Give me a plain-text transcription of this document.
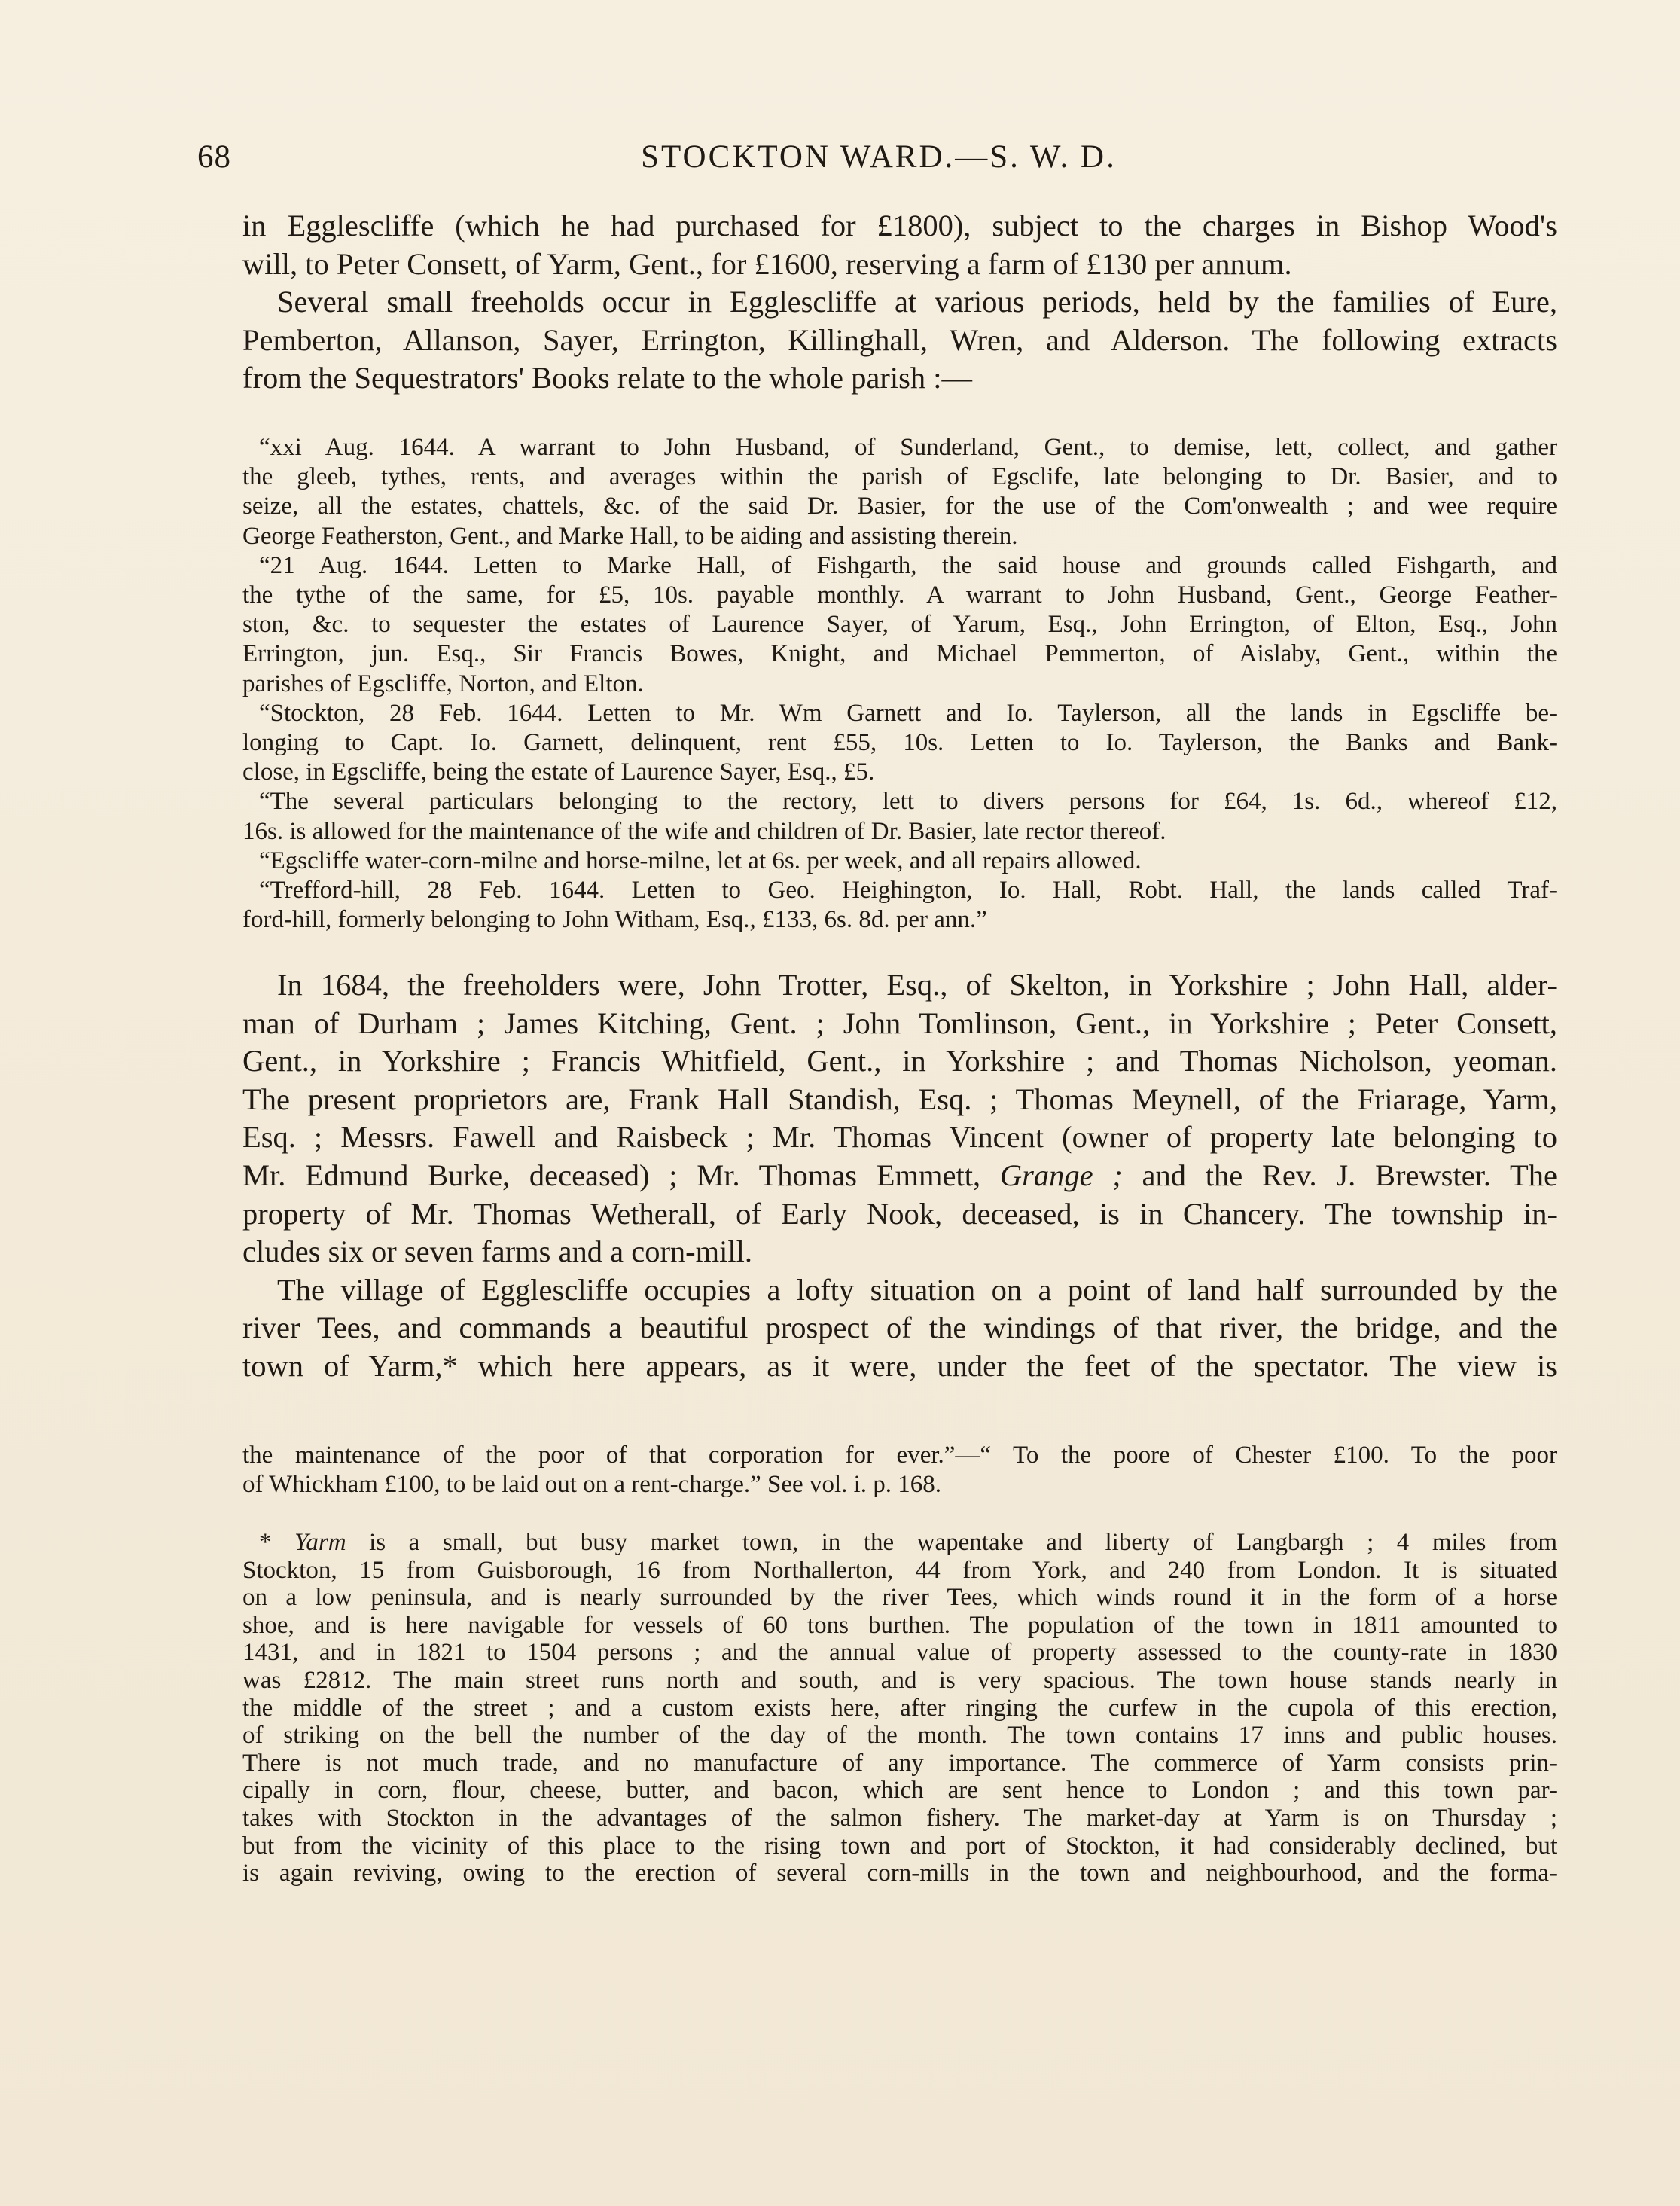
68	STOCKTON WARD.—S. W. D.
in Egglescliffe (which he had purchased for £1800), subject to the charges in Bishop Wood's
will, to Peter Consett, of Yarm, Gent., for £1600, reserving a farm of £130 per annum.
Several small freeholds occur in Egglescliffe at various periods, held by the families of Eure,
Pemberton, Allanson, Sayer, Errington, Killinghall, Wren, and Alderson. The following extracts
from the Sequestrators' Books relate to the whole parish :—
“xxi Aug. 1644. A warrant to John Husband, of Sunderland, Gent., to demise, lett, collect, and gather
the gleeb, tythes, rents, and averages within the parish of Egsclife, late belonging to Dr. Basier, and to
seize, all the estates, chattels, &c. of the said Dr. Basier, for the use of the Com'onwealth ; and wee require
George Featherston, Gent., and Marke Hall, to be aiding and assisting therein.
“21 Aug. 1644. Letten to Marke Hall, of Fishgarth, the said house and grounds called Fishgarth, and
the tythe of the same, for £5, 10s. payable monthly. A warrant to John Husband, Gent., George Feather-
ston, &c. to sequester the estates of Laurence Sayer, of Yarum, Esq., John Errington, of Elton, Esq., John
Errington, jun. Esq., Sir Francis Bowes, Knight, and Michael Pemmerton, of Aislaby, Gent., within the
parishes of Egscliffe, Norton, and Elton.
“Stockton, 28 Feb. 1644. Letten to Mr. Wm Garnett and Io. Taylerson, all the lands in Egscliffe be-
longing to Capt. Io. Garnett, delinquent, rent £55, 10s. Letten to Io. Taylerson, the Banks and Bank-
close, in Egscliffe, being the estate of Laurence Sayer, Esq., £5.
“The several particulars belonging to the rectory, lett to divers persons for £64, 1s. 6d., whereof £12,
16s. is allowed for the maintenance of the wife and children of Dr. Basier, late rector thereof.
“Egscliffe water-corn-milne and horse-milne, let at 6s. per week, and all repairs allowed.
“Trefford-hill, 28 Feb. 1644. Letten to Geo. Heighington, Io. Hall, Robt. Hall, the lands called Traf-
ford-hill, formerly belonging to John Witham, Esq., £133, 6s. 8d. per ann.”
In 1684, the freeholders were, John Trotter, Esq., of Skelton, in Yorkshire ; John Hall, alder-
man of Durham ; James Kitching, Gent. ; John Tomlinson, Gent., in Yorkshire ; Peter Consett,
Gent., in Yorkshire ; Francis Whitfield, Gent., in Yorkshire ; and Thomas Nicholson, yeoman.
The present proprietors are, Frank Hall Standish, Esq. ; Thomas Meynell, of the Friarage, Yarm,
Esq. ; Messrs. Fawell and Raisbeck ; Mr. Thomas Vincent (owner of property late belonging to
Mr. Edmund Burke, deceased) ; Mr. Thomas Emmett, Grange ; and the Rev. J. Brewster. The
property of Mr. Thomas Wetherall, of Early Nook, deceased, is in Chancery. The township in-
cludes six or seven farms and a corn-mill.
The village of Egglescliffe occupies a lofty situation on a point of land half surrounded by the
river Tees, and commands a beautiful prospect of the windings of that river, the bridge, and the
town of Yarm,* which here appears, as it were, under the feet of the spectator. The view is
the maintenance of the poor of that corporation for ever.”—“ To the poore of Chester £100. To the poor
of Whickham £100, to be laid out on a rent-charge.” See vol. i. p. 168.
* Yarm is a small, but busy market town, in the wapentake and liberty of Langbargh ; 4 miles from
Stockton, 15 from Guisborough, 16 from Northallerton, 44 from York, and 240 from London. It is situated
on a low peninsula, and is nearly surrounded by the river Tees, which winds round it in the form of a horse
shoe, and is here navigable for vessels of 60 tons burthen. The population of the town in 1811 amounted to
1431, and in 1821 to 1504 persons ; and the annual value of property assessed to the county-rate in 1830
was £2812. The main street runs north and south, and is very spacious. The town house stands nearly in
the middle of the street ; and a custom exists here, after ringing the curfew in the cupola of this erection,
of striking on the bell the number of the day of the month. The town contains 17 inns and public houses.
There is not much trade, and no manufacture of any importance. The commerce of Yarm consists prin-
cipally in corn, flour, cheese, butter, and bacon, which are sent hence to London ; and this town par-
takes with Stockton in the advantages of the salmon fishery. The market-day at Yarm is on Thursday ;
but from the vicinity of this place to the rising town and port of Stockton, it had considerably declined, but
is again reviving, owing to the erection of several corn-mills in the town and neighbourhood, and the forma-
